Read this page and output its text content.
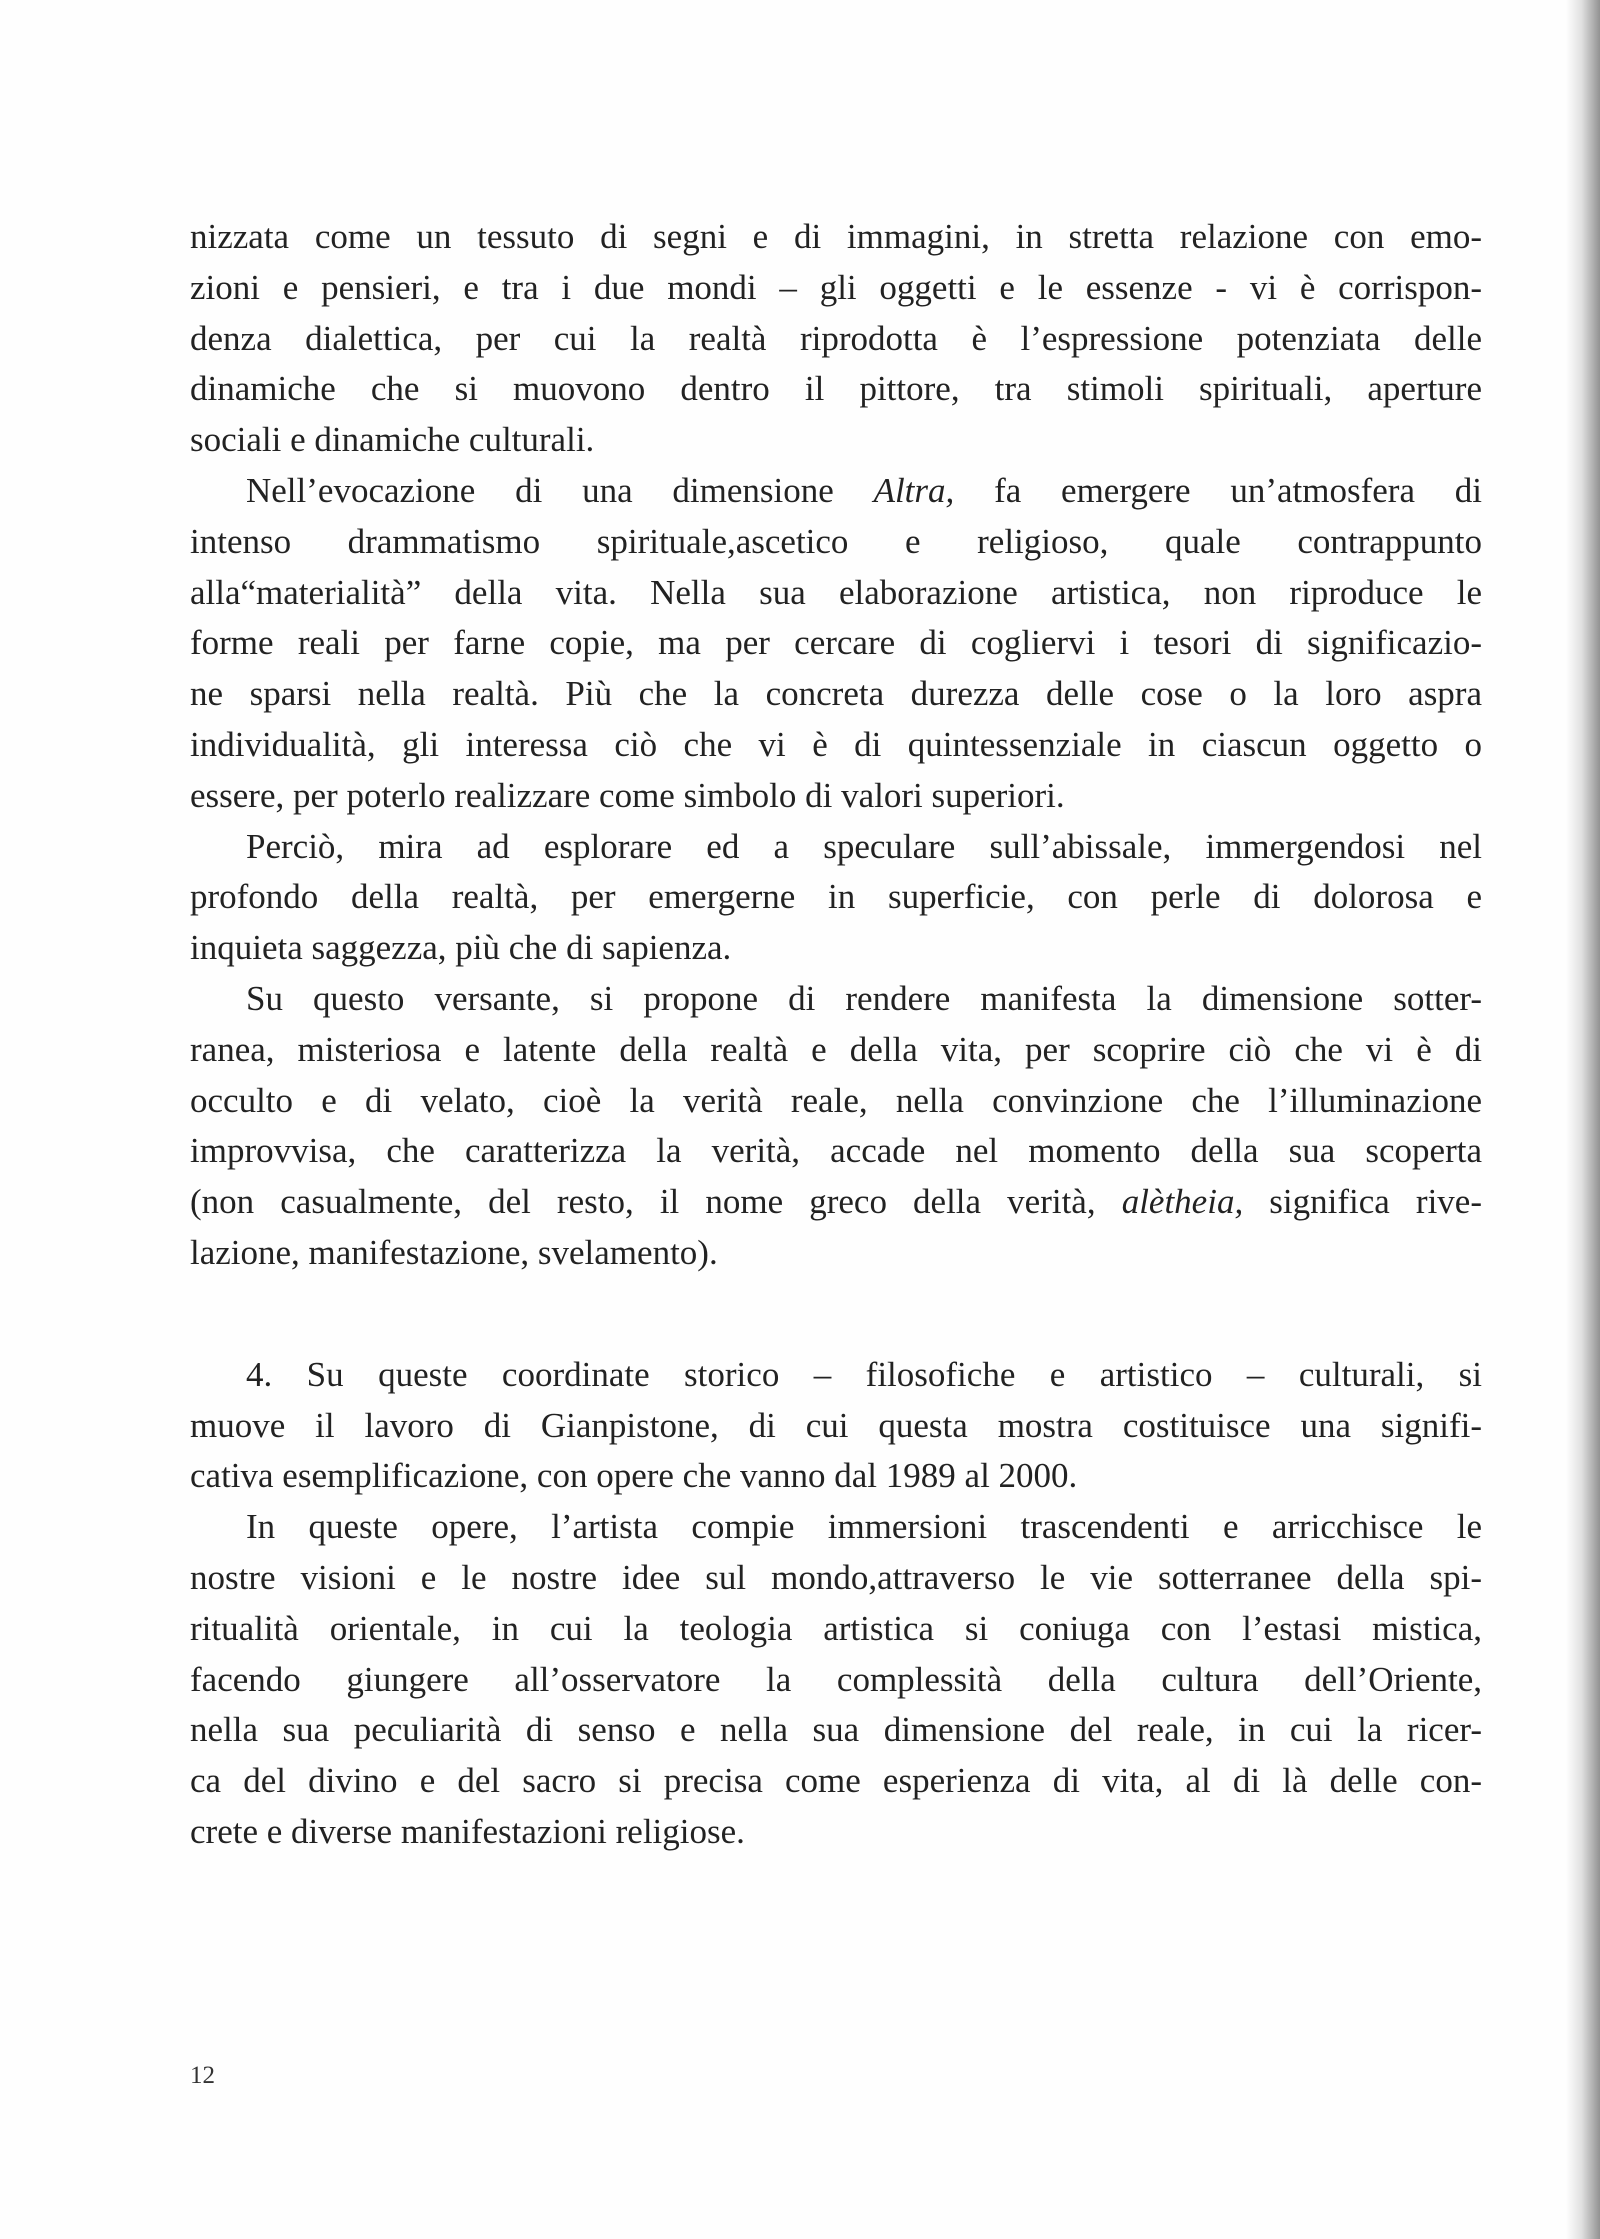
nizzata come un tessuto di segni e di immagini, in stretta relazione con emo-
zioni e pensieri, e tra i due mondi – gli oggetti e le essenze - vi è corrispon-
denza dialettica, per cui la realtà riprodotta è l’espressione potenziata delle
dinamiche che si muovono dentro il pittore, tra stimoli spirituali, aperture
sociali e dinamiche culturali.
Nell’evocazione di una dimensione Altra, fa emergere un’atmosfera di
intenso drammatismo spirituale,ascetico e religioso, quale contrappunto
alla“materialità” della vita. Nella sua elaborazione artistica, non riproduce le
forme reali per farne copie, ma per cercare di cogliervi i tesori di significazio-
ne sparsi nella realtà. Più che la concreta durezza delle cose o la loro aspra
individualità, gli interessa ciò che vi è di quintessenziale in ciascun oggetto o
essere, per poterlo realizzare come simbolo di valori superiori.
Perciò, mira ad esplorare ed a speculare sull’abissale, immergendosi nel
profondo della realtà, per emergerne in superficie, con perle di dolorosa e
inquieta saggezza, più che di sapienza.
Su questo versante, si propone di rendere manifesta la dimensione sotter-
ranea, misteriosa e latente della realtà e della vita, per scoprire ciò che vi è di
occulto e di velato, cioè la verità reale, nella convinzione che l’illuminazione
improvvisa, che caratterizza la verità, accade nel momento della sua scoperta
(non casualmente, del resto, il nome greco della verità, alètheia, significa rive-
lazione, manifestazione, svelamento).
4. Su queste coordinate storico – filosofiche e artistico – culturali, si
muove il lavoro di Gianpistone, di cui questa mostra costituisce una signifi-
cativa esemplificazione, con opere che vanno dal 1989 al 2000.
In queste opere, l’artista compie immersioni trascendenti e arricchisce le
nostre visioni e le nostre idee sul mondo,attraverso le vie sotterranee della spi-
ritualità orientale, in cui la teologia artistica si coniuga con l’estasi mistica,
facendo giungere all’osservatore la complessità della cultura dell’Oriente,
nella sua peculiarità di senso e nella sua dimensione del reale, in cui la ricer-
ca del divino e del sacro si precisa come esperienza di vita, al di là delle con-
crete e diverse manifestazioni religiose.
12
